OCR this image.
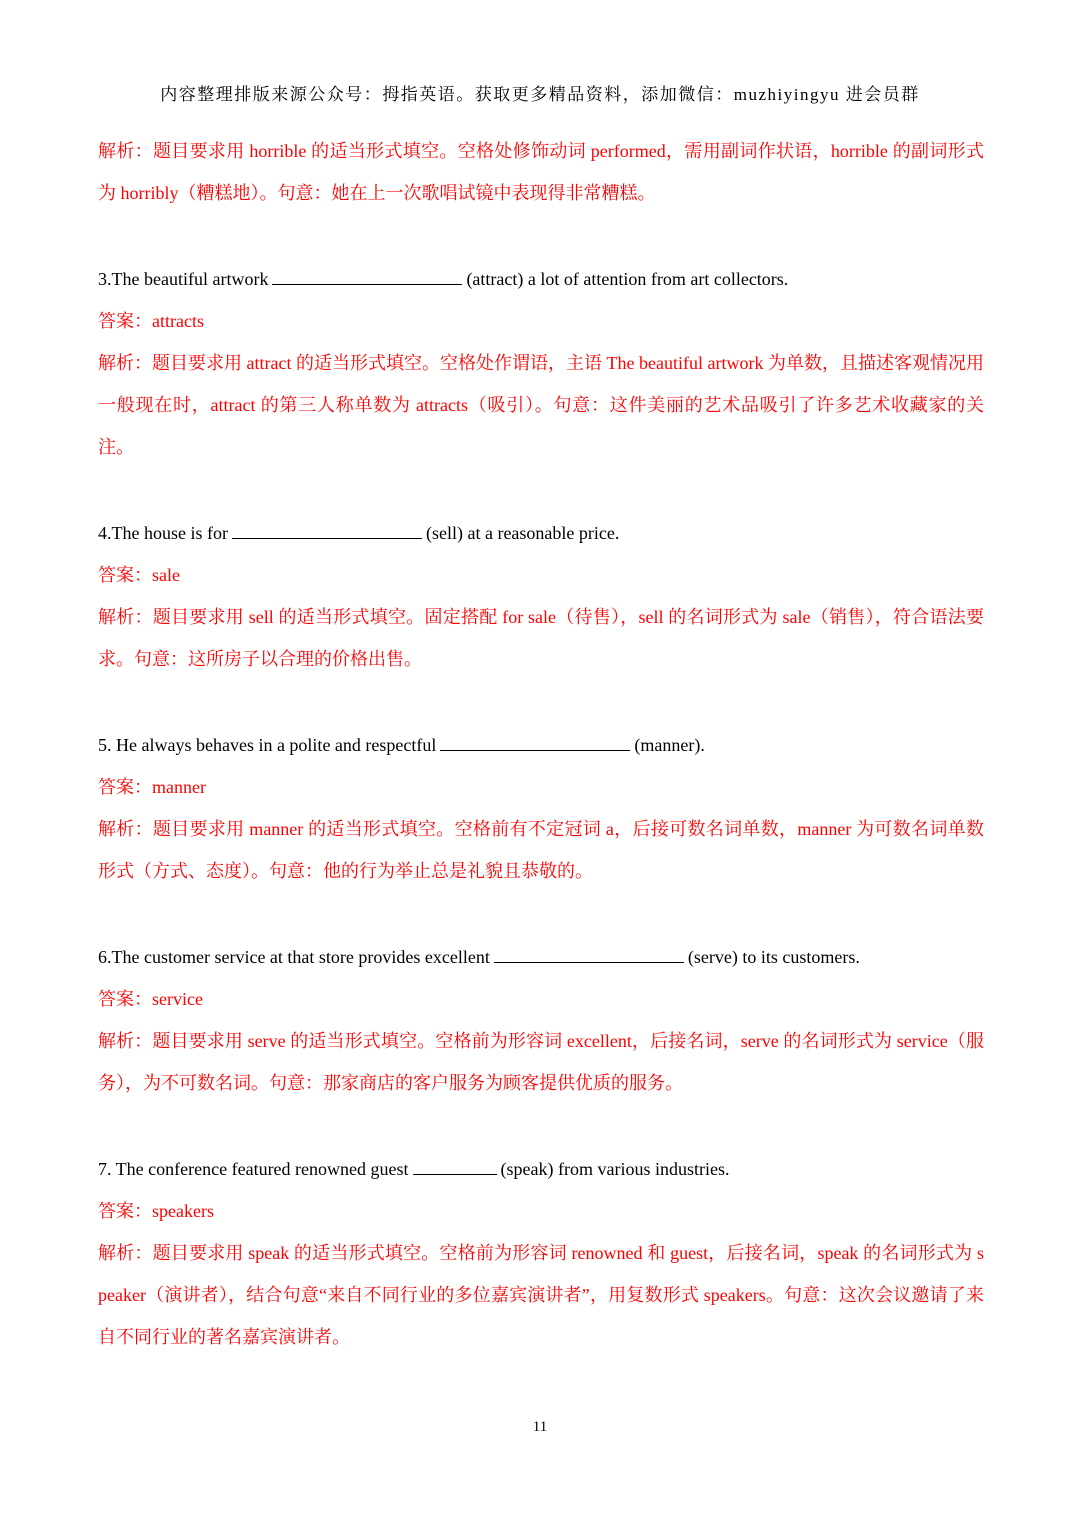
内容整理排版来源公众号：拇指英语。获取更多精品资料，添加微信：muzhiyingyu 进会员群

解析：题目要求用 horrible 的适当形式填空。空格处修饰动词 performed，需用副词作状语，horrible 的副词形式为 horribly（糟糕地）。句意：她在上一次歌唱试镜中表现得非常糟糕。

3.The beautiful artwork	(attract) a lot of attention from art collectors.

答案：attracts

解析：题目要求用 attract 的适当形式填空。空格处作谓语，主语 The beautiful artwork 为单数，且描述客观情况用一般现在时，attract 的第三人称单数为 attracts（吸引）。句意：这件美丽的艺术品吸引了许多艺术收藏家的关注。

4.The house is for	(sell) at a reasonable price.

答案：sale

解析：题目要求用 sell 的适当形式填空。固定搭配 for sale（待售），sell 的名词形式为 sale（销售），符合语法要求。句意：这所房子以合理的价格出售。

5. He always behaves in a polite and respectful	(manner).

答案：manner

解析：题目要求用 manner 的适当形式填空。空格前有不定冠词 a，后接可数名词单数，manner 为可数名词单数形式（方式、态度）。句意：他的行为举止总是礼貌且恭敬的。

6.The customer service at that store provides excellent	(serve) to its customers.

答案：service

解析：题目要求用 serve 的适当形式填空。空格前为形容词 excellent，后接名词，serve 的名词形式为 service（服务），为不可数名词。句意：那家商店的客户服务为顾客提供优质的服务。

7. The conference featured renowned guest	(speak) from various industries.

答案：speakers

解析：题目要求用 speak 的适当形式填空。空格前为形容词 renowned 和 guest，后接名词，speak 的名词形式为 speaker（演讲者），结合句意“来自不同行业的多位嘉宾演讲者”，用复数形式 speakers。句意：这次会议邀请了来自不同行业的著名嘉宾演讲者。

11
